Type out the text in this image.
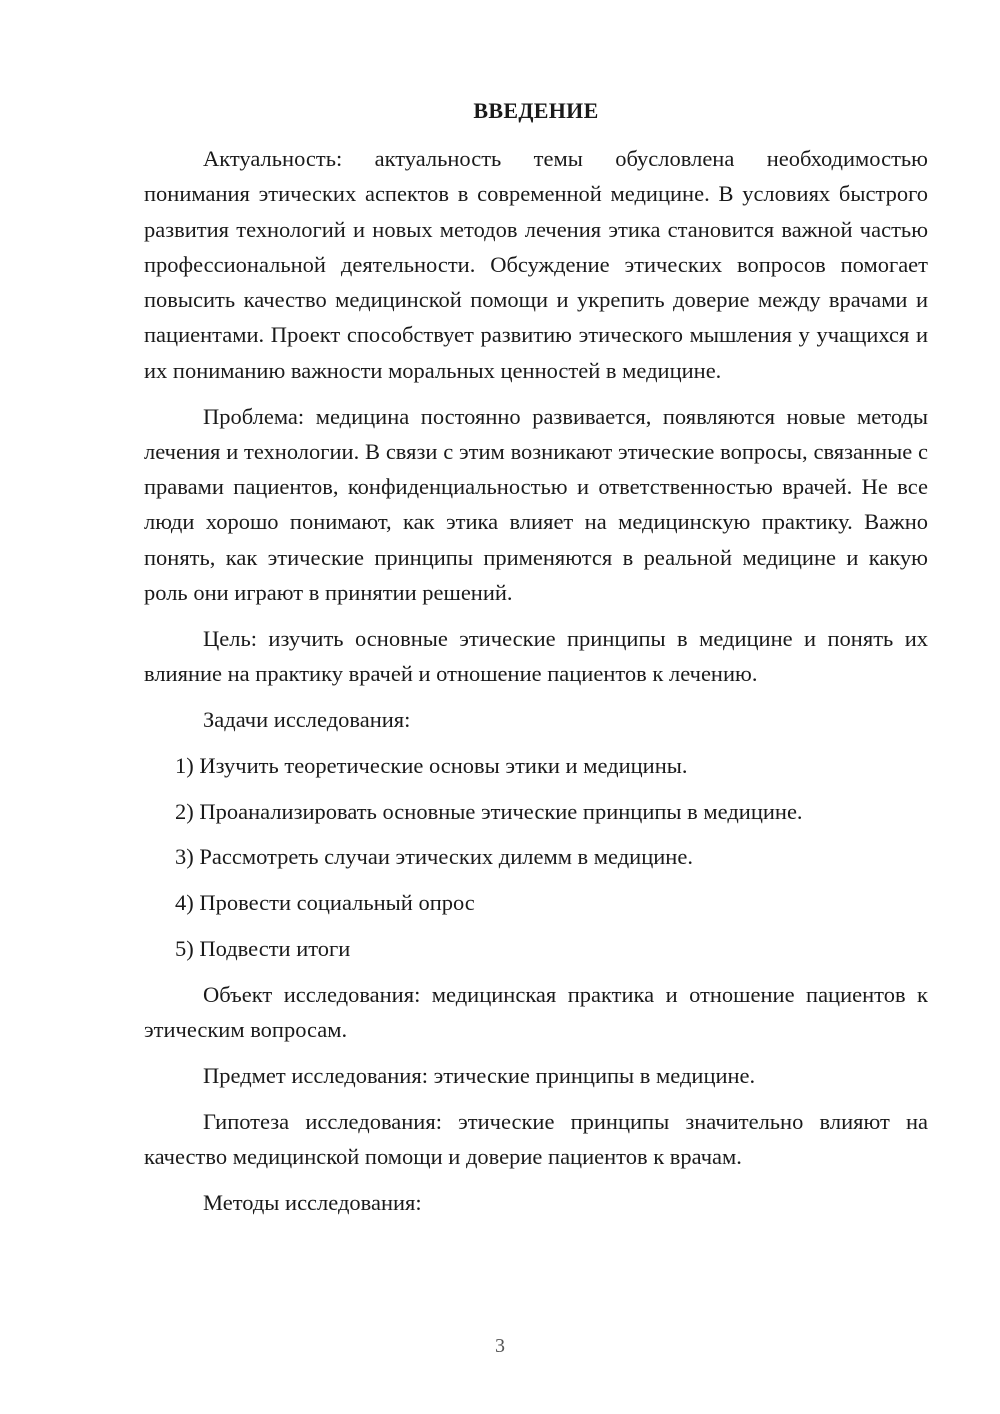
ВВЕДЕНИЕ

Актуальность: актуальность темы обусловлена необходимостью понимания этических аспектов в современной медицине. В условиях быстрого развития технологий и новых методов лечения этика становится важной частью профессиональной деятельности. Обсуждение этических вопросов помогает повысить качество медицинской помощи и укрепить доверие между врачами и пациентами. Проект способствует развитию этического мышления у учащихся и их пониманию важности моральных ценностей в медицине.

Проблема: медицина постоянно развивается, появляются новые методы лечения и технологии. В связи с этим возникают этические вопросы, связанные с правами пациентов, конфиденциальностью и ответственностью врачей. Не все люди хорошо понимают, как этика влияет на медицинскую практику. Важно понять, как этические принципы применяются в реальной медицине и какую роль они играют в принятии решений.

Цель: изучить основные этические принципы в медицине и понять их влияние на практику врачей и отношение пациентов к лечению.

Задачи исследования:

1) Изучить теоретические основы этики и медицины.

2) Проанализировать основные этические принципы в медицине.

3) Рассмотреть случаи этических дилемм в медицине.

4) Провести социальный опрос

5) Подвести итоги

Объект исследования: медицинская практика и отношение пациентов к этическим вопросам.

Предмет исследования: этические принципы в медицине.

Гипотеза исследования: этические принципы значительно влияют на качество медицинской помощи и доверие пациентов к врачам.

Методы исследования:

3
